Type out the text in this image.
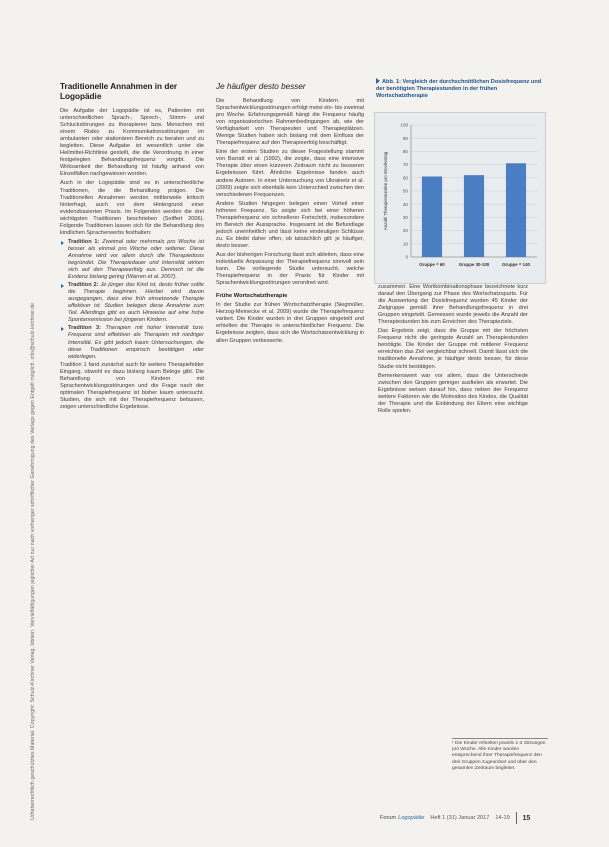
Urheberrechtlich geschütztes Material. Copyright: Schulz-Kirchner Verlag, Idstein. Vervielfältigungen jeglicher Art nur nach vorheriger schriftlicher Genehmigung des Verlags gegen Entgelt möglich. info@schulz-kirchner.de
Traditionelle Annahmen in der Logopädie

Die Aufgabe der Logopädie ist es, Patienten mit unterschiedlichen Sprach-, Sprech-, Stimm- und Schluckstörungen zu therapieren bzw. Menschen mit einem Risiko zu Kommunikationsstörungen im ambulanten oder stationären Bereich zu beraten und zu begleiten. Diese Aufgabe ist wesentlich unter die Heilmittel-Richtlinie gestellt, die die Verordnung in einer festgelegten Behandlungsfrequenz vorgibt. Die Wirksamkeit der Behandlung ist häufig anhand von Einzelfällen nachgewiesen worden.

Auch in der Logopädie sind es in unterschiedliche Traditionen, die die Behandlung prägen. Die Traditionellen Annahmen werden mittlerweile kritisch hinterfragt, auch vor dem Hintergrund einer evidenzbasierten Praxis. Im Folgenden werden die drei wichtigsten Traditionen beschrieben (Seiffert 2006). Folgende Traditionen lassen sich für die Behandlung des kindlichen Spracherwerbs festhalten:

Tradition 1: Zweimal oder mehrmals pro Woche ist besser als einmal pro Woche oder seltener. Diese Annahme wird vor allem durch die Therapiedosis begründet. Die Therapiedauer und Intensität wirken sich auf den Therapieerfolg aus. Dennoch ist die Evidenz bislang gering (Warren et al. 2007).
Tradition 2: Je jünger das Kind ist, desto früher sollte die Therapie beginnen. Hierbei wird davon ausgegangen, dass eine früh einsetzende Therapie effektiver ist. Studien belegen diese Annahme zum Teil. Allerdings gibt es auch Hinweise auf eine hohe Spontanremission bei jüngeren Kindern.
Tradition 3: Therapien mit hoher Intensität bzw. Frequenz sind effektiver als Therapien mit niedriger Intensität. Es gibt jedoch kaum Untersuchungen, die diese Traditionen empirisch bestätigen oder widerlegen.

Tradition 1 fand zunächst auch für weitere Therapiefelder Eingang, obwohl es dazu bislang kaum Belege gibt. Die Behandlung von Kindern mit Sprachentwicklungsstörungen und die Frage nach der optimalen Therapiefrequenz ist bisher kaum untersucht. Studien, die sich mit der Therapiefrequenz befassen, zeigen unterschiedliche Ergebnisse.

Je häufiger desto besser

Die Behandlung von Kindern mit Sprachentwicklungsstörungen erfolgt meist ein- bis zweimal pro Woche. Erfahrungsgemäß hängt die Frequenz häufig von organisatorischen Rahmenbedingungen ab, wie der Verfügbarkeit von Therapeuten und Therapieplätzen. Wenige Studien haben sich bislang mit dem Einfluss der Therapiefrequenz auf den Therapieerfolg beschäftigt.

Eine der ersten Studien zu dieser Fragestellung stammt von Barratt et al. (1992), die zeigte, dass eine intensive Therapie über einen kürzeren Zeitraum nicht zu besseren Ergebnissen führt. Ähnliche Ergebnisse fanden auch andere Autoren. In einer Untersuchung von Ukrainetz et al. (2009) zeigte sich ebenfalls kein Unterschied zwischen den verschiedenen Frequenzen.

Andere Studien hingegen belegen einen Vorteil einer höheren Frequenz. So zeigte sich bei einer höheren Therapiefrequenz ein schnellerer Fortschritt, insbesondere im Bereich der Aussprache. Insgesamt ist die Befundlage jedoch uneinheitlich und lässt keine eindeutigen Schlüsse zu. Es bleibt daher offen, ob tatsächlich gilt: je häufiger, desto besser.

Aus der bisherigen Forschung lässt sich ableiten, dass eine individuelle Anpassung der Therapiefrequenz sinnvoll sein kann. Die vorliegende Studie untersucht, welche Therapiefrequenz in der Praxis für Kinder mit Sprachentwicklungsstörungen verordnet wird.

Frühe Wortschatztherapie

In der Studie zur frühen Wortschatztherapie (Siegmüller, Herzog-Meinecke et al. 2009) wurde die Therapiefrequenz variiert. Die Kinder wurden in drei Gruppen eingeteilt und erhielten die Therapie in unterschiedlicher Frequenz. Die Ergebnisse zeigten, dass sich die Wortschatzentwicklung in allen Gruppen verbesserte.

Abb. 1: Vergleich der durchschnittlichen Dosisfrequenz und der benötigten Therapiestunden in der frühen Wortschatztherapie
0
10
20
30
40
50
60
70
80
90
100
Anzahl Therapiestunden pro Wochentag
Gruppe = 60	Gruppe 30-100	Gruppe = 140

zusammen. Eine Wortkombinationsphase bezeichnete kurz darauf den Übergang zur Phase des Wortschatzspurts. Für die Auswertung der Dosisfrequenz wurden 45 Kinder der Zielgruppe gemäß ihrer Behandlungsfrequenz in drei Gruppen eingeteilt. Gemessen wurde jeweils die Anzahl der Therapiestunden bis zum Erreichen des Therapieziels.

Das Ergebnis zeigt, dass die Gruppe mit der höchsten Frequenz nicht die geringste Anzahl an Therapiestunden benötigte. Die Kinder der Gruppe mit mittlerer Frequenz erreichten das Ziel vergleichbar schnell. Damit lässt sich die traditionelle Annahme, je häufiger desto besser, für diese Studie nicht bestätigen.

Bemerkenswert war vor allem, dass die Unterschiede zwischen den Gruppen geringer ausfielen als erwartet. Die Ergebnisse weisen darauf hin, dass neben der Frequenz weitere Faktoren wie die Motivation des Kindes, die Qualität der Therapie und die Einbindung der Eltern eine wichtige Rolle spielen.

¹ Die Kinder erhielten jeweils 1-3 Sitzungen pro Woche. Alle Kinder wurden entsprechend ihrer Therapiefrequenz den drei Gruppen zugeordnet und über den gesamten Zeitraum begleitet.
Forum Logopädie Heft 1 (31) Januar 2017 14-19 15
